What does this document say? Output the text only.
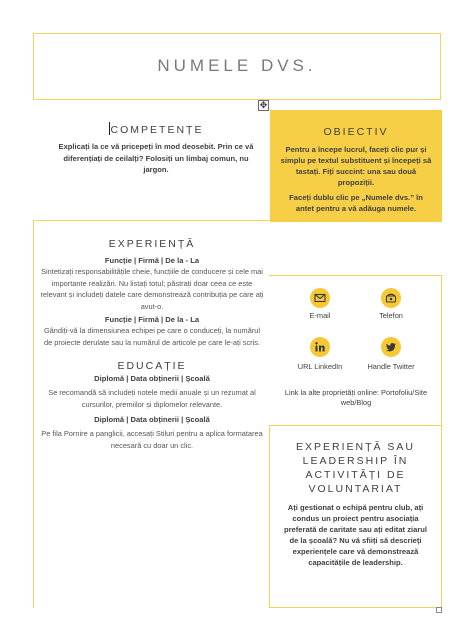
NUMELE DVS.
✥
COMPETENȚE
Explicați la ce vă pricepeți în mod deosebit. Prin ce vă diferențiați de ceilalți? Folosiți un limbaj comun, nu jargon.
OBIECTIV
Pentru a începe lucrul, faceți clic pur și simplu pe textul substituent și începeți să tastați. Fiți succint: una sau două propoziții.
Faceți dublu clic pe „Numele dvs.” în antet pentru a vă adăuga numele.
EXPERIENȚĂ
Funcție | Firmă | De la - La
Sintetizați responsabilitățile cheie, funcțiile de conducere și cele mai importante realizări. Nu listați totul; păstrați doar ceea ce este relevant și includeți datele care demonstrează contribuția pe care ați avut-o.
Funcție | Firmă | De la - La
Gândiți-vă la dimensiunea echipei pe care o conduceți, la numărul de proiecte derulate sau la numărul de articole pe care le-ați scris.
EDUCAȚIE
Diplomă | Data obținerii | Școală
Se recomandă să includeți notele medii anuale și un rezumat al cursurilor, premiilor și diplomelor relevante.
Diplomă | Data obținerii | Școală
Pe fila Pornire a panglicii, accesați Stiluri pentru a aplica formatarea necesară cu doar un clic.
E-mail	Telefon
URL LinkedIn	Handle Twitter
Link la alte proprietăți online: Portofoliu/Site web/Blog
EXPERIENȚĂ SAU LEADERSHIP ÎN ACTIVITĂȚI DE VOLUNTARIAT
Ați gestionat o echipă pentru club, ați condus un proiect pentru asociația preferată de caritate sau ați editat ziarul de la școală? Nu vă sfiiți să descrieți experiențele care vă demonstrează capacitățile de leadership.
